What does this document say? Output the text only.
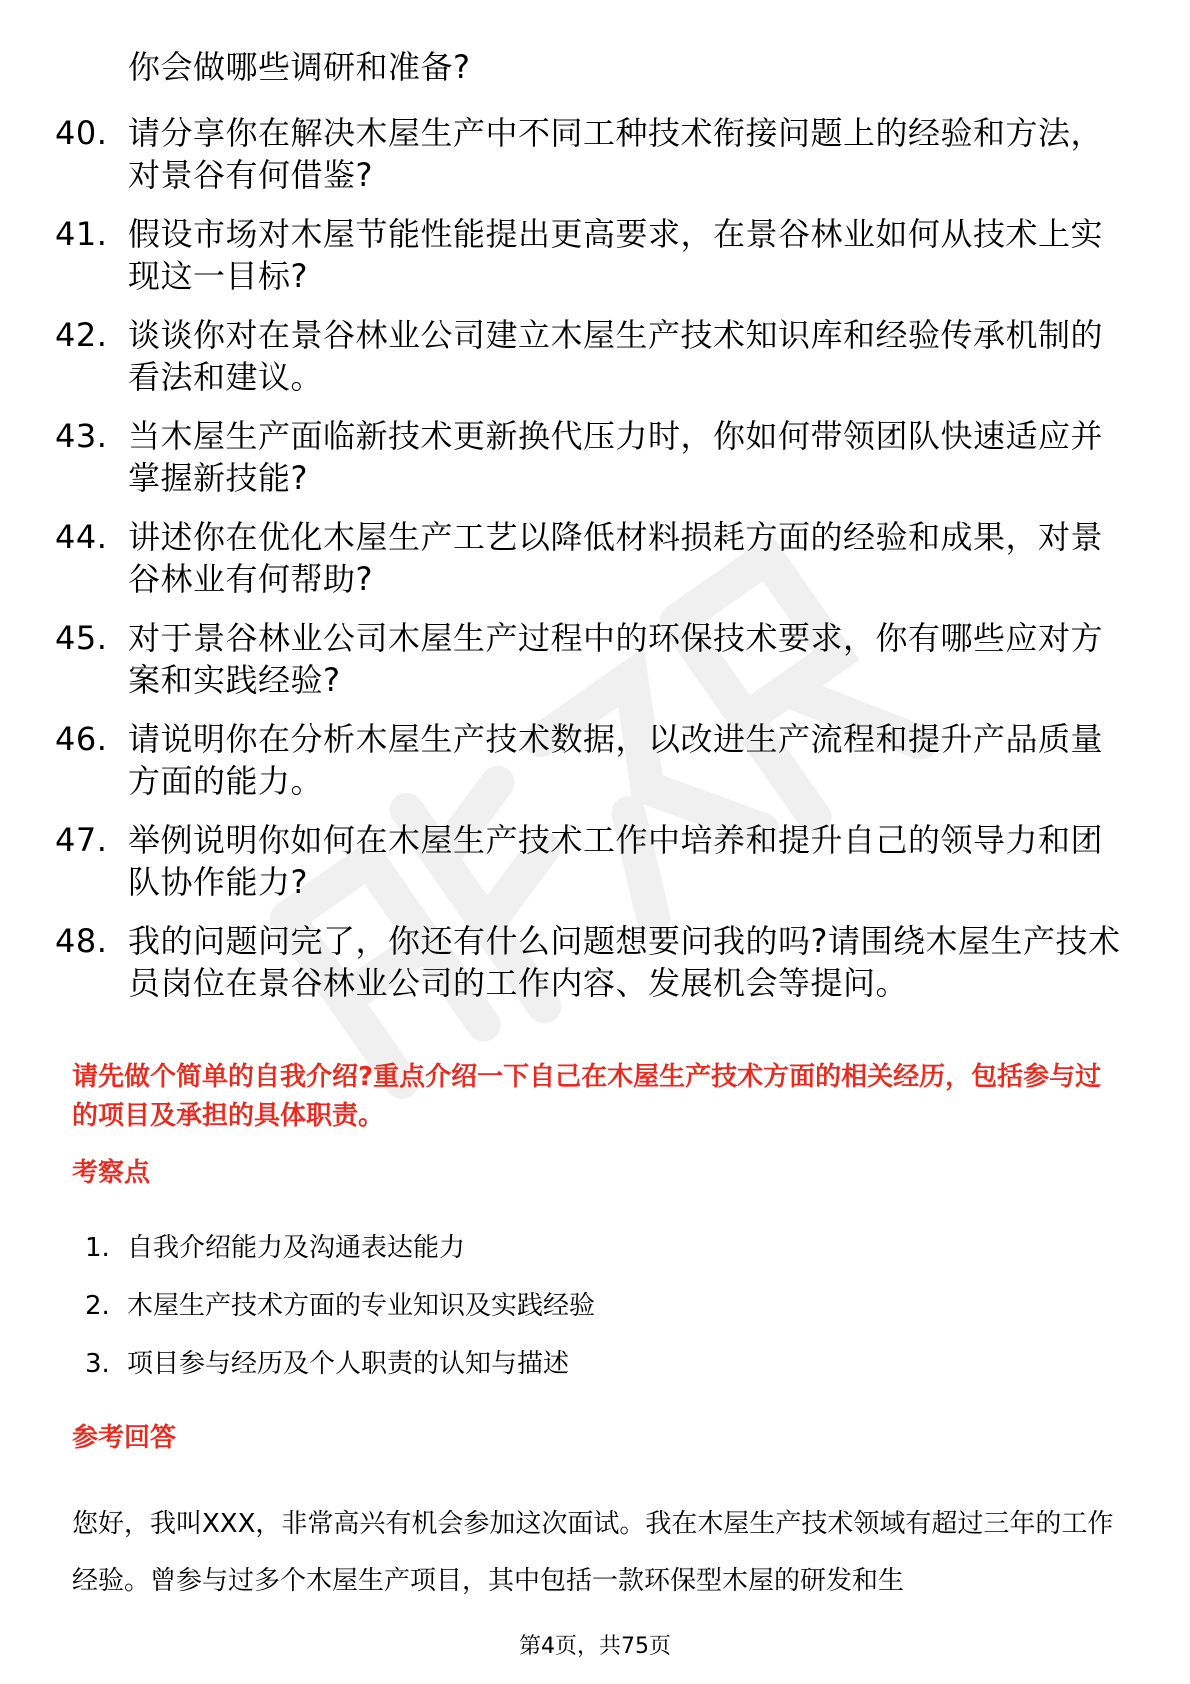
你会做哪些调研和准备?
40. 请分享你在解决木屋生产中不同工种技术衔接问题上的经验和方法，对景谷有何借鉴?
41. 假设市场对木屋节能性能提出更高要求，在景谷林业如何从技术上实现这一目标?
42. 谈谈你对在景谷林业公司建立木屋生产技术知识库和经验传承机制的看法和建议。
43. 当木屋生产面临新技术更新换代压力时，你如何带领团队快速适应并掌握新技能?
44. 讲述你在优化木屋生产工艺以降低材料损耗方面的经验和成果，对景谷林业有何帮助?
45. 对于景谷林业公司木屋生产过程中的环保技术要求，你有哪些应对方案和实践经验?
46. 请说明你在分析木屋生产技术数据，以改进生产流程和提升产品质量方面的能力。
47. 举例说明你如何在木屋生产技术工作中培养和提升自己的领导力和团队协作能力?
48. 我的问题问完了，你还有什么问题想要问我的吗?请围绕木屋生产技术员岗位在景谷林业公司的工作内容、发展机会等提问。
请先做个简单的自我介绍?重点介绍一下自己在木屋生产技术方面的相关经历，包括参与过的项目及承担的具体职责。
考察点
1. 自我介绍能力及沟通表达能力
2. 木屋生产技术方面的专业知识及实践经验
3. 项目参与经历及个人职责的认知与描述
参考回答
您好，我叫XXX，非常高兴有机会参加这次面试。我在木屋生产技术领域有超过三年的工作经验。曾参与过多个木屋生产项目，其中包括一款环保型木屋的研发和生
第4页，共75页
